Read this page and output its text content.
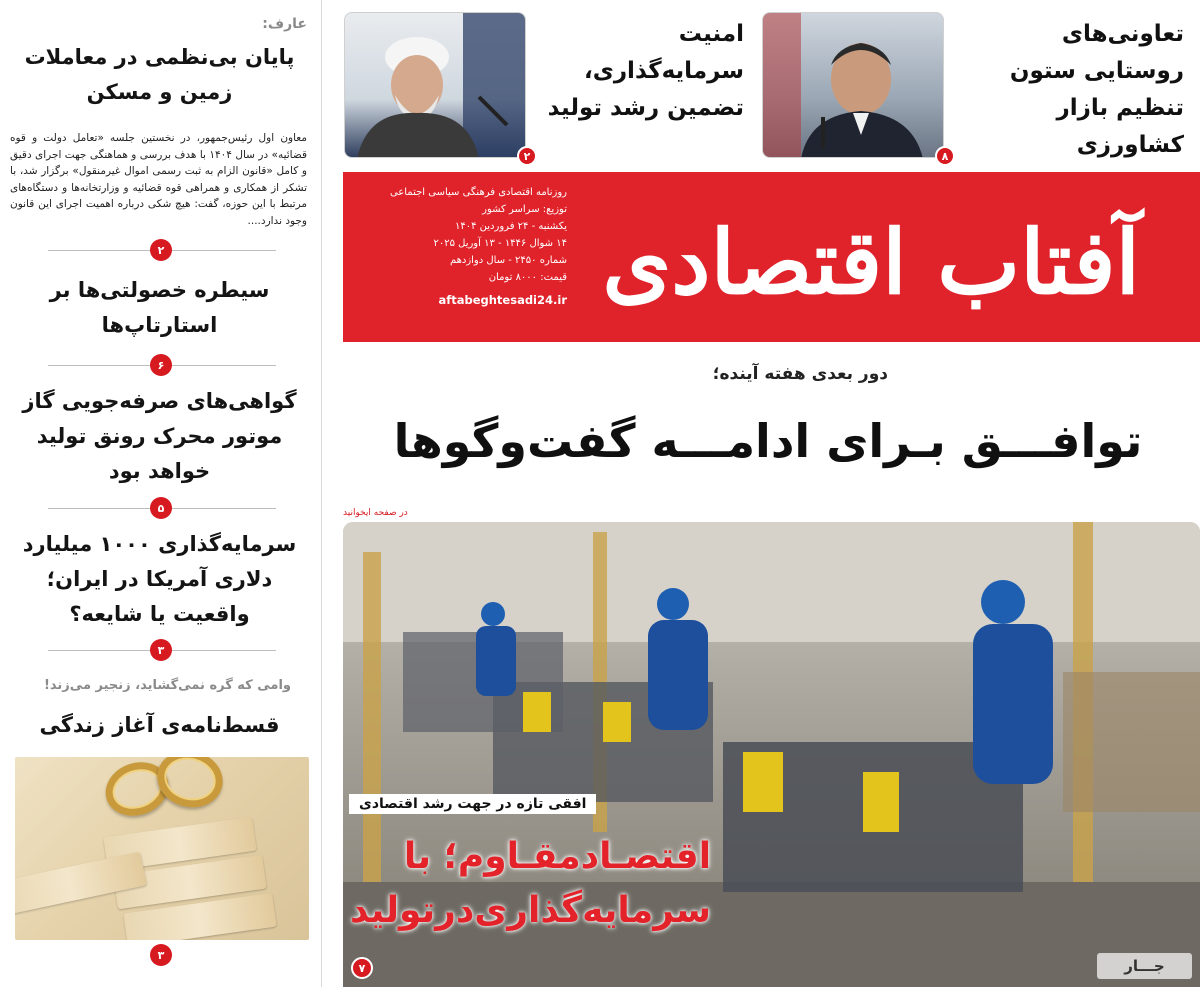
عارف:
پایان بی‌نظمی در معاملات زمین و مسکن

معاون اول رئیس‌جمهور، در نخستین جلسه «تعامل دولت و قوه قضائیه» در سال ۱۴۰۴ با هدف بررسی و هماهنگی جهت اجرای دقیق و کامل «قانون الزام به ثبت رسمی اموال غیرمنقول» برگزار شد، با تشکر از همکاری و همراهی قوه قضائیه و وزارتخانه‌ها و دستگاه‌های مرتبط با این حوزه، گفت: هیچ شکی درباره اهمیت اجرای این قانون وجود ندارد....

۲
سیطره خصولتی‌ها بر استارتاپ‌ها
۶
گواهی‌های صرفه‌جویی گاز موتور محرک رونق تولید خواهد بود
۵
سرمایه‌گذاری ۱۰۰۰ میلیارد دلاری آمریکا در ایران؛ واقعیت یا شایعه؟
۳
وامی که گره نمی‌گشاید، زنجیر می‌زند!
قسط‌نامه‌ی آغاز زندگی
۳
۸
تعاونی‌های روستایی ستون تنظیم بازار کشاورزی
۲
امنیت سرمایه‌گذاری، تضمین رشد تولید
آفتاب اقتصادی
روزنامه اقتصادی فرهنگی سیاسی اجتماعی
توزیع: سراسر کشور
یکشنبه - ۲۴ فروردین ۱۴۰۴
۱۴ شوال ۱۴۴۶ - ۱۳ آوریل ۲۰۲۵
شماره ۲۴۵۰ - سال دوازدهم
قیمت: ۸۰۰۰ تومان
aftabeghtesadi24.ir
دور بعدی هفته آینده؛
توافـــق بـرای ادامـــه گفت‌وگوها
در صفحه ایخوانید
جـــار
افقی تازه در جهت رشد اقتصادی
اقتصـادمقـاوم؛ با
سرمایه‌گذاری‌درتولید
۷
